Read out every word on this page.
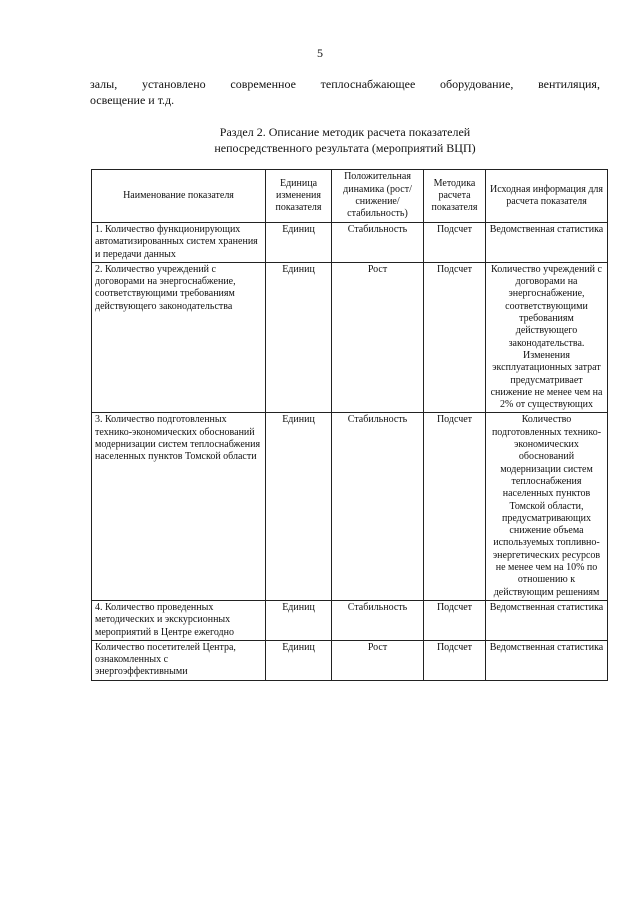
5
залы, установлено современное теплоснабжающее оборудование, вентиляция,
освещение и т.д.
Раздел 2. Описание методик расчета показателей
непосредственного результата (мероприятий ВЦП)
Наименование показателя	Единица изменения показателя	Положительная динамика (рост/снижение/ стабильность)	Методика расчета показателя	Исходная информация для расчета показателя
1. Количество функционирующих автоматизированных систем хранения и передачи данных	Единиц	Стабильность	Подсчет	Ведомственная статистика
2. Количество учреждений с договорами на энергоснабжение, соответствующими требованиям действующего законодательства	Единиц	Рост	Подсчет	Количество учреждений с договорами на энергоснабжение, соответствующими требованиям действующего законодательства. Изменения эксплуатационных затрат предусматривает снижение не менее чем на 2% от существующих
3. Количество подготовленных технико-экономических обоснований модернизации систем теплоснабжения населенных пунктов Томской области	Единиц	Стабильность	Подсчет	Количество подготовленных технико-экономических обоснований модернизации систем теплоснабжения населенных пунктов Томской области, предусматривающих снижение объема используемых топливно-энергетических ресурсов не менее чем на 10% по отношению к действующим решениям
4. Количество проведенных методических и экскурсионных мероприятий в Центре ежегодно	Единиц	Стабильность	Подсчет	Ведомственная статистика
Количество посетителей Центра, ознакомленных с энергоэффективными	Единиц	Рост	Подсчет	Ведомственная статистика
